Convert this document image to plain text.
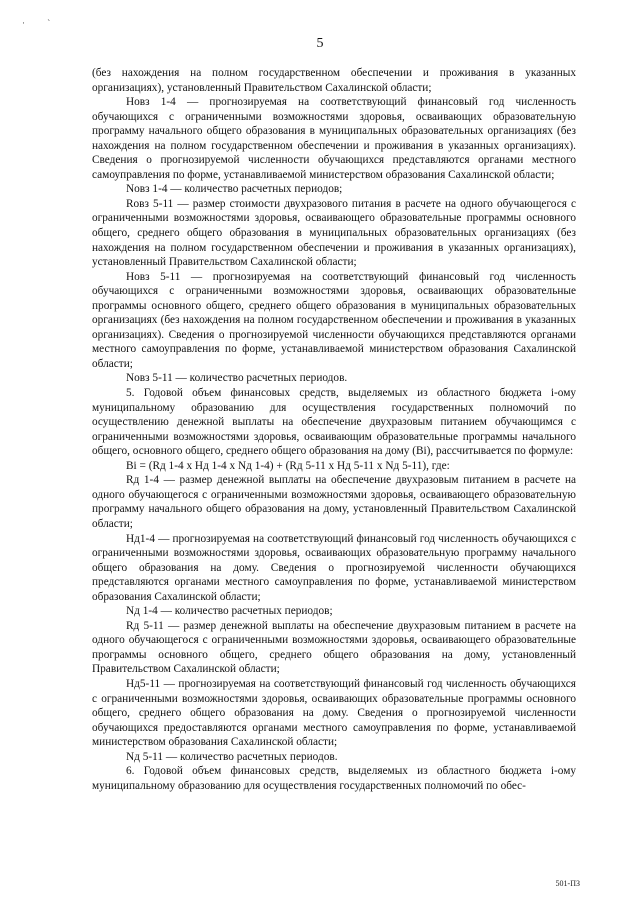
· `
5

(без нахождения на полном государственном обеспечении и проживания в указанных организациях), установленный Правительством Сахалинской области;

Новз 1-4 — прогнозируемая на соответствующий финансовый год численность обучающихся с ограниченными возможностями здоровья, осваивающих образовательную программу начального общего образования в муниципальных образовательных организациях (без нахождения на полном государственном обеспечении и проживания в указанных организациях). Сведения о прогнозируемой численности обучающихся представляются органами местного самоуправления по форме, устанавливаемой министерством образования Сахалинской области;

Nовз 1-4 — количество расчетных периодов;

Rовз 5-11 — размер стоимости двухразового питания в расчете на одного обучающегося с ограниченными возможностями здоровья, осваивающего образовательные программы основного общего, среднего общего образования в муниципальных образовательных организациях (без нахождения на полном государственном обеспечении и проживания в указанных организациях), установленный Правительством Сахалинской области;

Новз 5-11 — прогнозируемая на соответствующий финансовый год численность обучающихся с ограниченными возможностями здоровья, осваивающих образовательные программы основного общего, среднего общего образования в муниципальных образовательных организациях (без нахождения на полном государственном обеспечении и проживания в указанных организациях). Сведения о прогнозируемой численности обучающихся представляются органами местного самоуправления по форме, устанавливаемой министерством образования Сахалинской области;

Nовз 5-11 — количество расчетных периодов.

5. Годовой объем финансовых средств, выделяемых из областного бюджета i-ому муниципальному образованию для осуществления государственных полномочий по осуществлению денежной выплаты на обеспечение двухразовым питанием обучающимся с ограниченными возможностями здоровья, осваивающим образовательные программы начального общего, основного общего, среднего общего образования на дому (Вi), рассчитывается по формуле:

Вi = (Rд 1-4 х Нд 1-4 х Nд 1-4) + (Rд 5-11 х Нд 5-11 х Nд 5-11), где:

Rд 1-4 — размер денежной выплаты на обеспечение двухразовым питанием в расчете на одного обучающегося с ограниченными возможностями здоровья, осваивающего образовательную программу начального общего образования на дому, установленный Правительством Сахалинской области;

Нд1-4 — прогнозируемая на соответствующий финансовый год численность обучающихся с ограниченными возможностями здоровья, осваивающих образовательную программу начального общего образования на дому. Сведения о прогнозируемой численности обучающихся представляются органами местного самоуправления по форме, устанавливаемой министерством образования Сахалинской области;

Nд 1-4 — количество расчетных периодов;

Rд 5-11 — размер денежной выплаты на обеспечение двухразовым питанием в расчете на одного обучающегося с ограниченными возможностями здоровья, осваивающего образовательные программы основного общего, среднего общего образования на дому, установленный Правительством Сахалинской области;

Нд5-11 — прогнозируемая на соответствующий финансовый год численность обучающихся с ограниченными возможностями здоровья, осваивающих образовательные программы основного общего, среднего общего образования на дому. Сведения о прогнозируемой численности обучающихся предоставляются органами местного самоуправления по форме, устанавливаемой министерством образования Сахалинской области;

Nд 5-11 — количество расчетных периодов.

6. Годовой объем финансовых средств, выделяемых из областного бюджета i-ому муниципальному образованию для осуществления государственных полномочий по обес-

501-ПЗ
